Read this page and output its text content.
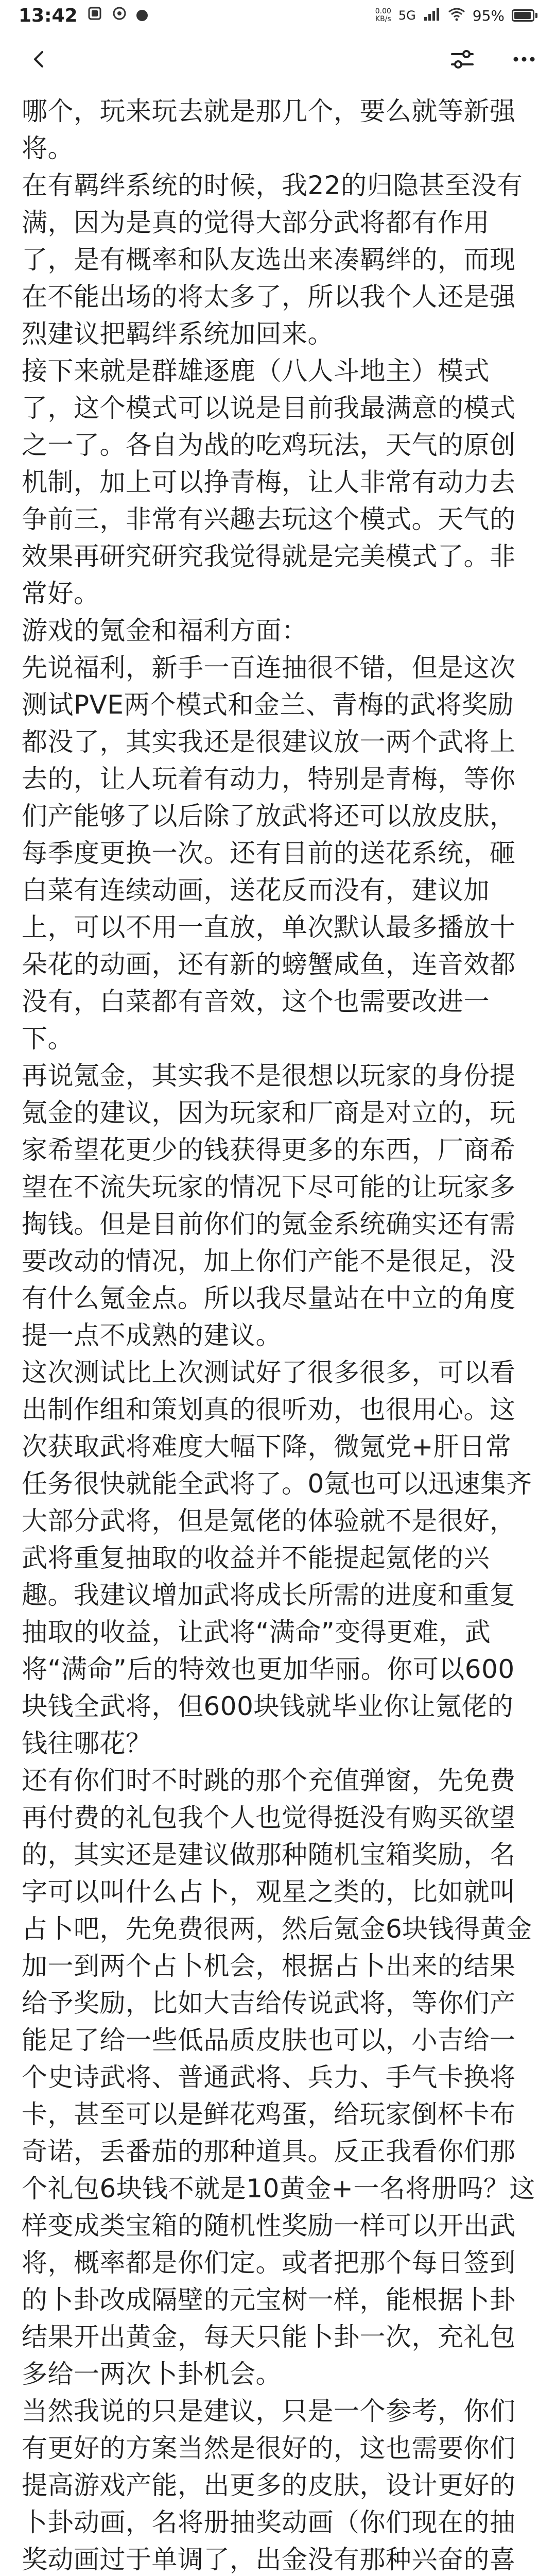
13:42	0.00
KB/s 5G	95%

哪个，玩来玩去就是那几个，要么就等新强将。

在有羁绊系统的时候，我22的归隐甚至没有满，因为是真的觉得大部分武将都有作用了，是有概率和队友选出来凑羁绊的，而现在不能出场的将太多了，所以我个人还是强烈建议把羁绊系统加回来。

接下来就是群雄逐鹿（八人斗地主）模式了，这个模式可以说是目前我最满意的模式之一了。各自为战的吃鸡玩法，天气的原创机制，加上可以挣青梅，让人非常有动力去争前三，非常有兴趣去玩这个模式。天气的效果再研究研究我觉得就是完美模式了。非常好。

游戏的氪金和福利方面：

先说福利，新手一百连抽很不错，但是这次测试PVE两个模式和金兰、青梅的武将奖励都没了，其实我还是很建议放一两个武将上去的，让人玩着有动力，特别是青梅，等你们产能够了以后除了放武将还可以放皮肤，每季度更换一次。还有目前的送花系统，砸白菜有连续动画，送花反而没有，建议加上，可以不用一直放，单次默认最多播放十朵花的动画，还有新的螃蟹咸鱼，连音效都没有，白菜都有音效，这个也需要改进一下。

再说氪金，其实我不是很想以玩家的身份提氪金的建议，因为玩家和厂商是对立的，玩家希望花更少的钱获得更多的东西，厂商希望在不流失玩家的情况下尽可能的让玩家多掏钱。但是目前你们的氪金系统确实还有需要改动的情况，加上你们产能不是很足，没有什么氪金点。所以我尽量站在中立的角度提一点不成熟的建议。

这次测试比上次测试好了很多很多，可以看出制作组和策划真的很听劝，也很用心。这次获取武将难度大幅下降，微氪党+肝日常任务很快就能全武将了。0氪也可以迅速集齐大部分武将，但是氪佬的体验就不是很好，武将重复抽取的收益并不能提起氪佬的兴趣。我建议增加武将成长所需的进度和重复抽取的收益，让武将“满命”变得更难，武将“满命”后的特效也更加华丽。你可以600块钱全武将，但600块钱就毕业你让氪佬的钱往哪花？

还有你们时不时跳的那个充值弹窗，先免费再付费的礼包我个人也觉得挺没有购买欲望的，其实还是建议做那种随机宝箱奖励，名字可以叫什么占卜，观星之类的，比如就叫占卜吧，先免费很两，然后氪金6块钱得黄金加一到两个占卜机会，根据占卜出来的结果给予奖励，比如大吉给传说武将，等你们产能足了给一些低品质皮肤也可以，小吉给一个史诗武将、普通武将、兵力、手气卡换将卡，甚至可以是鲜花鸡蛋，给玩家倒杯卡布奇诺，丢番茄的那种道具。反正我看你们那个礼包6块钱不就是10黄金+一名将册吗？这样变成类宝箱的随机性奖励一样可以开出武将，概率都是你们定。或者把那个每日签到的卜卦改成隔壁的元宝树一样，能根据卜卦结果开出黄金，每天只能卜卦一次，充礼包多给一两次卜卦机会。

当然我说的只是建议，只是一个参考，你们有更好的方案当然是很好的，这也需要你们提高游戏产能，出更多的皮肤，设计更好的卜卦动画，名将册抽奖动画（你们现在的抽奖动画过于单调了，出金没有那种兴奋的喜
